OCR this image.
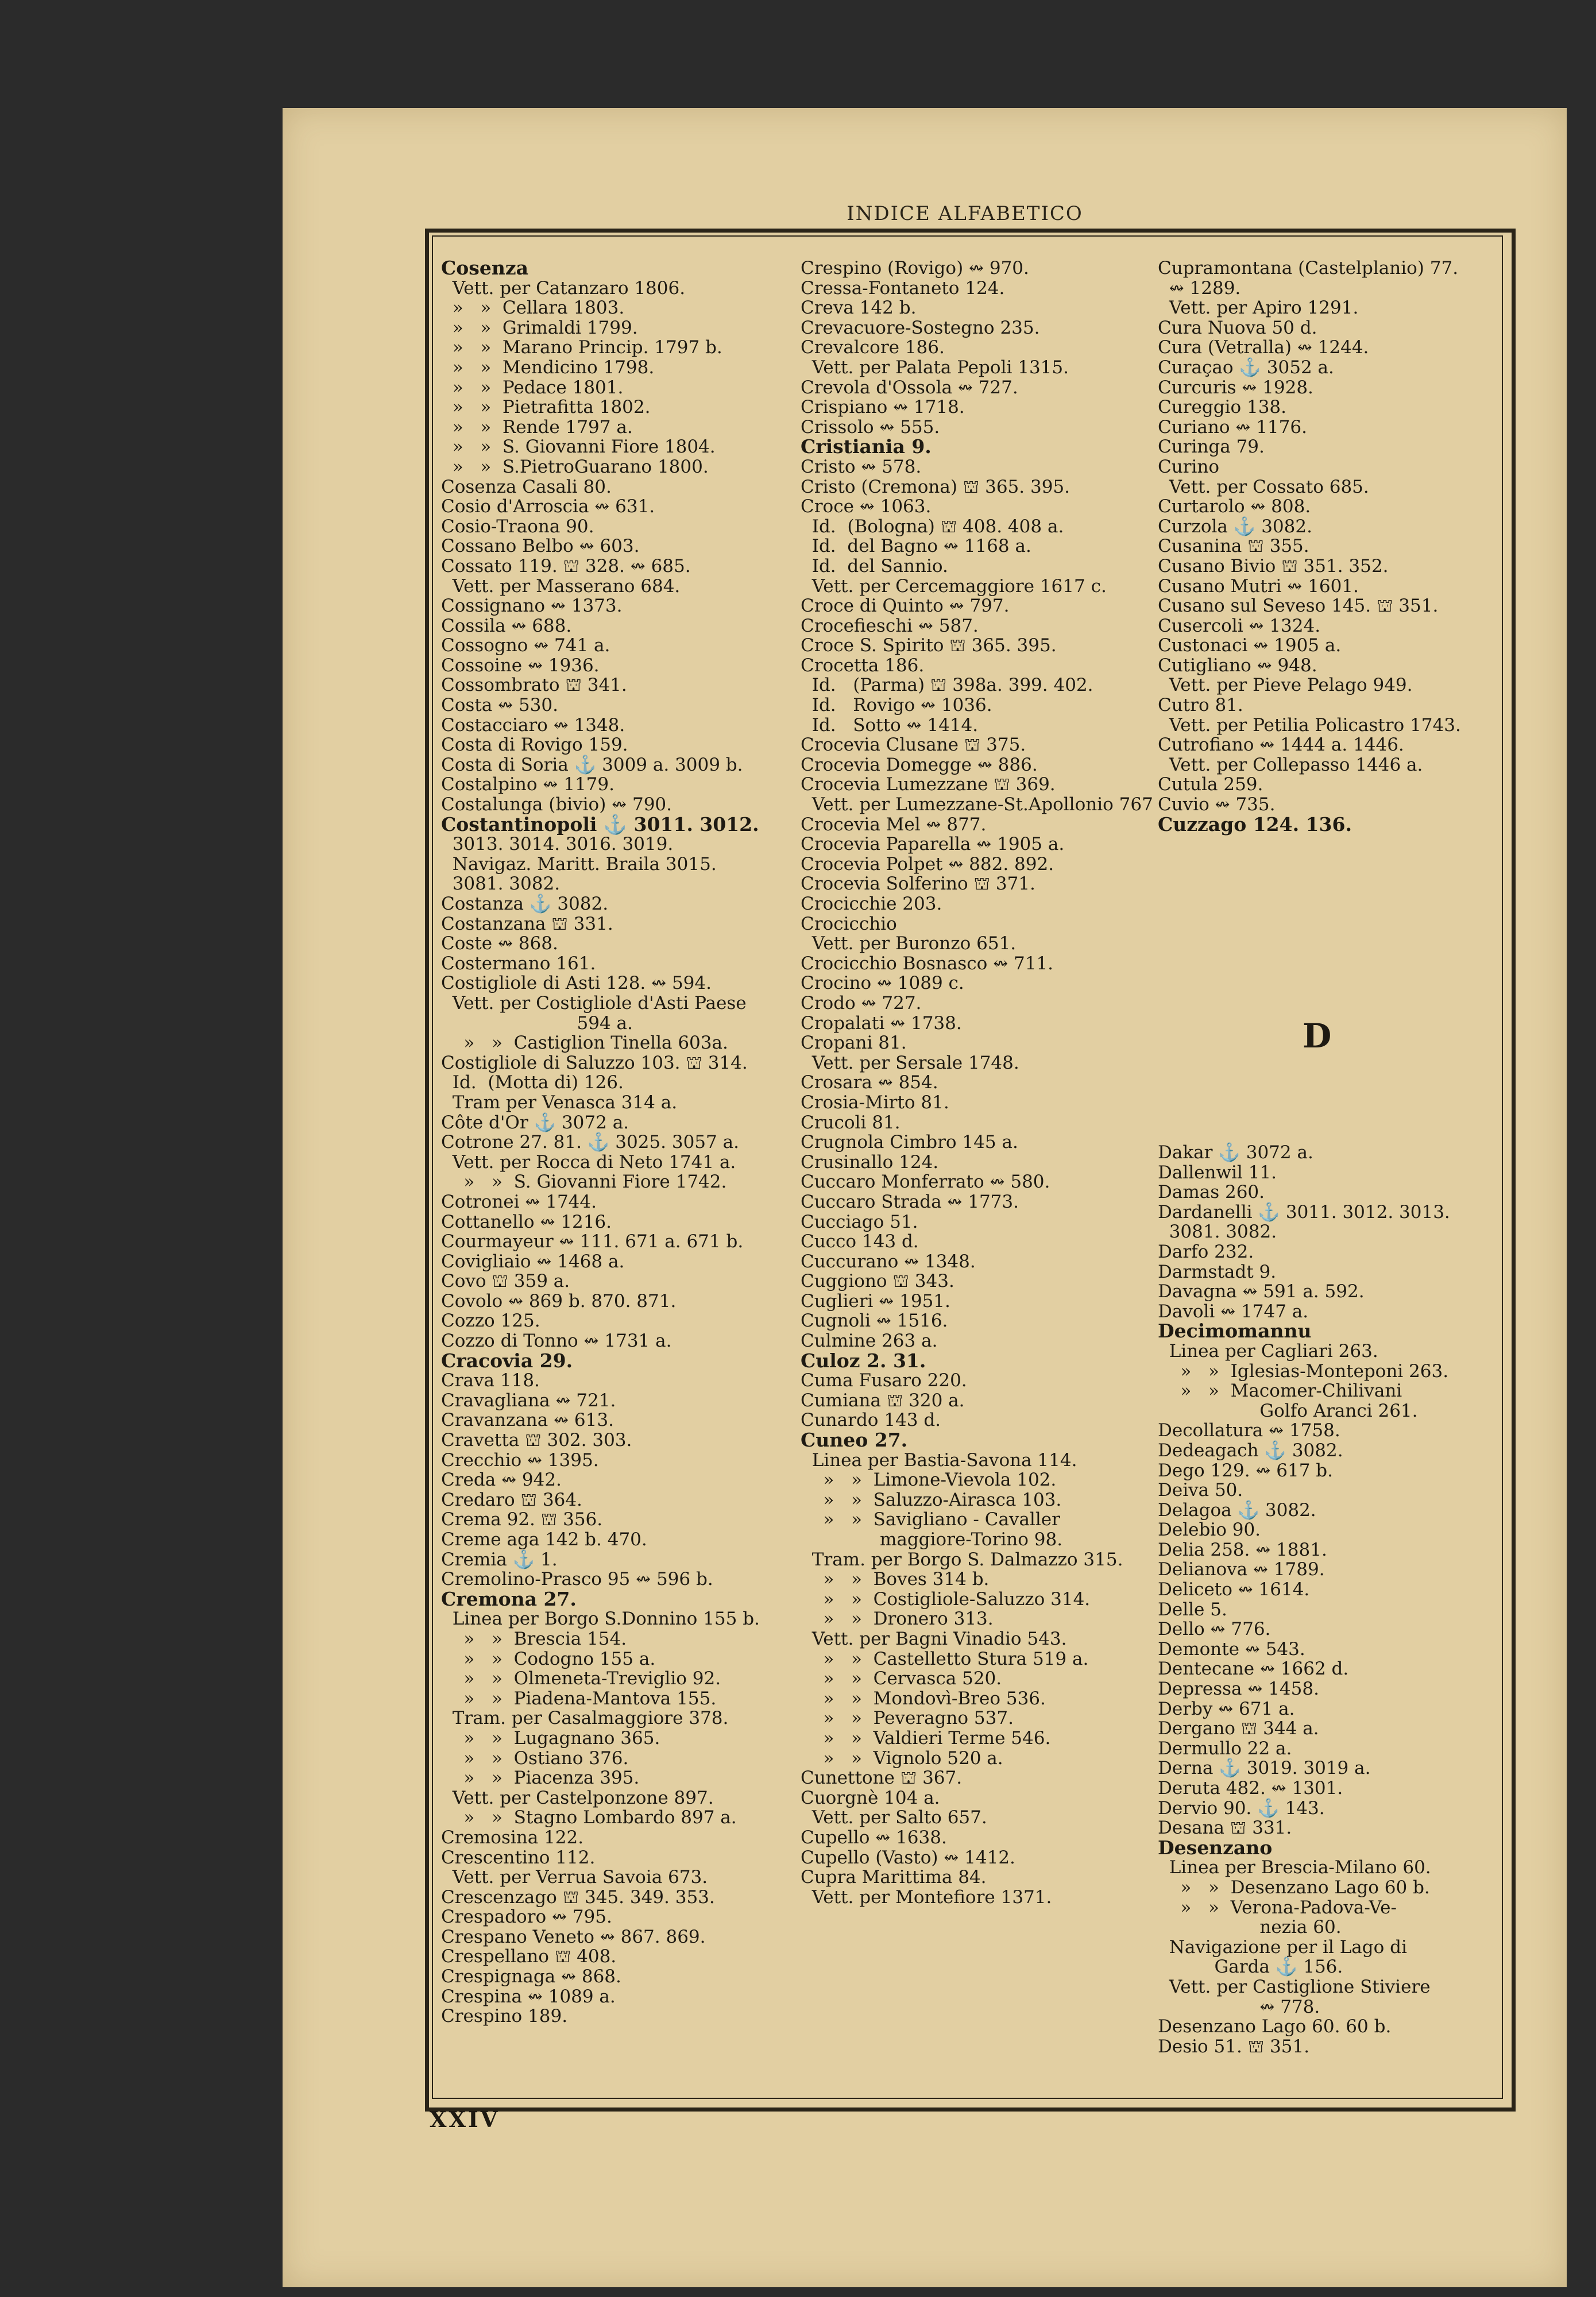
INDICE ALFABETICO
Cosenza
Vett. per Catanzaro 1806.
»   »  Cellara 1803.
»   »  Grimaldi 1799.
»   »  Marano Princip. 1797 b.
»   »  Mendicino 1798.
»   »  Pedace 1801.
»   »  Pietrafitta 1802.
»   »  Rende 1797 a.
»   »  S. Giovanni Fiore 1804.
»   »  S.PietroGuarano 1800.
Cosenza Casali 80.
Cosio d'Arroscia ↭ 631.
Cosio-Traona 90.
Cossano Belbo ↭ 603.
Cossato 119. ⛫ 328. ↭ 685.
Vett. per Masserano 684.
Cossignano ↭ 1373.
Cossila ↭ 688.
Cossogno ↭ 741 a.
Cossoine ↭ 1936.
Cossombrato ⛫ 341.
Costa ↭ 530.
Costacciaro ↭ 1348.
Costa di Rovigo 159.
Costa di Soria ⚓ 3009 a. 3009 b.
Costalpino ↭ 1179.
Costalunga (bivio) ↭ 790.
Costantinopoli ⚓ 3011. 3012.
3013. 3014. 3016. 3019.
Navigaz. Maritt. Braila 3015.
3081. 3082.
Costanza ⚓ 3082.
Costanzana ⛫ 331.
Coste ↭ 868.
Costermano 161.
Costigliole di Asti 128. ↭ 594.
Vett. per Costigliole d'Asti Paese
594 a.
»   »  Castiglion Tinella 603a.
Costigliole di Saluzzo 103. ⛫ 314.
Id.  (Motta di) 126.
Tram per Venasca 314 a.
Côte d'Or ⚓ 3072 a.
Cotrone 27. 81. ⚓ 3025. 3057 a.
Vett. per Rocca di Neto 1741 a.
»   »  S. Giovanni Fiore 1742.
Cotronei ↭ 1744.
Cottanello ↭ 1216.
Courmayeur ↭ 111. 671 a. 671 b.
Covigliaio ↭ 1468 a.
Covo ⛫ 359 a.
Covolo ↭ 869 b. 870. 871.
Cozzo 125.
Cozzo di Tonno ↭ 1731 a.
Cracovia 29.
Crava 118.
Cravagliana ↭ 721.
Cravanzana ↭ 613.
Cravetta ⛫ 302. 303.
Crecchio ↭ 1395.
Creda ↭ 942.
Credaro ⛫ 364.
Crema 92. ⛫ 356.
Creme aga 142 b. 470.
Cremia ⚓ 1.
Cremolino-Prasco 95 ↭ 596 b.
Cremona 27.
Linea per Borgo S.Donnino 155 b.
»   »  Brescia 154.
»   »  Codogno 155 a.
»   »  Olmeneta-Treviglio 92.
»   »  Piadena-Mantova 155.
Tram. per Casalmaggiore 378.
»   »  Lugagnano 365.
»   »  Ostiano 376.
»   »  Piacenza 395.
Vett. per Castelponzone 897.
»   »  Stagno Lombardo 897 a.
Cremosina 122.
Crescentino 112.
Vett. per Verrua Savoia 673.
Crescenzago ⛫ 345. 349. 353.
Crespadoro ↭ 795.
Crespano Veneto ↭ 867. 869.
Crespellano ⛫ 408.
Crespignaga ↭ 868.
Crespina ↭ 1089 a.
Crespino 189.
Crespino (Rovigo) ↭ 970.
Cressa-Fontaneto 124.
Creva 142 b.
Crevacuore-Sostegno 235.
Crevalcore 186.
Vett. per Palata Pepoli 1315.
Crevola d'Ossola ↭ 727.
Crispiano ↭ 1718.
Crissolo ↭ 555.
Cristiania 9.
Cristo ↭ 578.
Cristo (Cremona) ⛫ 365. 395.
Croce ↭ 1063.
Id.  (Bologna) ⛫ 408. 408 a.
Id.  del Bagno ↭ 1168 a.
Id.  del Sannio.
Vett. per Cercemaggiore 1617 c.
Croce di Quinto ↭ 797.
Crocefieschi ↭ 587.
Croce S. Spirito ⛫ 365. 395.
Crocetta 186.
Id.   (Parma) ⛫ 398a. 399. 402.
Id.   Rovigo ↭ 1036.
Id.   Sotto ↭ 1414.
Crocevia Clusane ⛫ 375.
Crocevia Domegge ↭ 886.
Crocevia Lumezzane ⛫ 369.
Vett. per Lumezzane-St.Apollonio 767
Crocevia Mel ↭ 877.
Crocevia Paparella ↭ 1905 a.
Crocevia Polpet ↭ 882. 892.
Crocevia Solferino ⛫ 371.
Crocicchie 203.
Crocicchio
Vett. per Buronzo 651.
Crocicchio Bosnasco ↭ 711.
Crocino ↭ 1089 c.
Crodo ↭ 727.
Cropalati ↭ 1738.
Cropani 81.
Vett. per Sersale 1748.
Crosara ↭ 854.
Crosia-Mirto 81.
Crucoli 81.
Crugnola Cimbro 145 a.
Crusinallo 124.
Cuccaro Monferrato ↭ 580.
Cuccaro Strada ↭ 1773.
Cucciago 51.
Cucco 143 d.
Cuccurano ↭ 1348.
Cuggiono ⛫ 343.
Cuglieri ↭ 1951.
Cugnoli ↭ 1516.
Culmine 263 a.
Culoz 2. 31.
Cuma Fusaro 220.
Cumiana ⛫ 320 a.
Cunardo 143 d.
Cuneo 27.
Linea per Bastia-Savona 114.
»   »  Limone-Vievola 102.
»   »  Saluzzo-Airasca 103.
»   »  Savigliano - Cavaller
maggiore-Torino 98.
Tram. per Borgo S. Dalmazzo 315.
»   »  Boves 314 b.
»   »  Costigliole-Saluzzo 314.
»   »  Dronero 313.
Vett. per Bagni Vinadio 543.
»   »  Castelletto Stura 519 a.
»   »  Cervasca 520.
»   »  Mondovì-Breo 536.
»   »  Peveragno 537.
»   »  Valdieri Terme 546.
»   »  Vignolo 520 a.
Cunettone ⛫ 367.
Cuorgnè 104 a.
Vett. per Salto 657.
Cupello ↭ 1638.
Cupello (Vasto) ↭ 1412.
Cupra Marittima 84.
Vett. per Montefiore 1371.
Cupramontana (Castelplanio) 77.
↭ 1289.
Vett. per Apiro 1291.
Cura Nuova 50 d.
Cura (Vetralla) ↭ 1244.
Curaçao ⚓ 3052 a.
Curcuris ↭ 1928.
Cureggio 138.
Curiano ↭ 1176.
Curinga 79.
Curino
Vett. per Cossato 685.
Curtarolo ↭ 808.
Curzola ⚓ 3082.
Cusanina ⛫ 355.
Cusano Bivio ⛫ 351. 352.
Cusano Mutri ↭ 1601.
Cusano sul Seveso 145. ⛫ 351.
Cusercoli ↭ 1324.
Custonaci ↭ 1905 a.
Cutigliano ↭ 948.
Vett. per Pieve Pelago 949.
Cutro 81.
Vett. per Petilia Policastro 1743.
Cutrofiano ↭ 1444 a. 1446.
Vett. per Collepasso 1446 a.
Cutula 259.
Cuvio ↭ 735.
Cuzzago 124. 136.
Dakar ⚓ 3072 a.
Dallenwil 11.
Damas 260.
Dardanelli ⚓ 3011. 3012. 3013.
3081. 3082.
Darfo 232.
Darmstadt 9.
Davagna ↭ 591 a. 592.
Davoli ↭ 1747 a.
Decimomannu
Linea per Cagliari 263.
»   »  Iglesias-Monteponi 263.
»   »  Macomer-Chilivani
Golfo Aranci 261.
Decollatura ↭ 1758.
Dedeagach ⚓ 3082.
Dego 129. ↭ 617 b.
Deiva 50.
Delagoa ⚓ 3082.
Delebio 90.
Delia 258. ↭ 1881.
Delianova ↭ 1789.
Deliceto ↭ 1614.
Delle 5.
Dello ↭ 776.
Demonte ↭ 543.
Dentecane ↭ 1662 d.
Depressa ↭ 1458.
Derby ↭ 671 a.
Dergano ⛫ 344 a.
Dermullo 22 a.
Derna ⚓ 3019. 3019 a.
Deruta 482. ↭ 1301.
Dervio 90. ⚓ 143.
Desana ⛫ 331.
Desenzano
Linea per Brescia-Milano 60.
»   »  Desenzano Lago 60 b.
»   »  Verona-Padova-Ve-
nezia 60.
Navigazione per il Lago di
Garda ⚓ 156.
Vett. per Castiglione Stiviere
↭ 778.
Desenzano Lago 60. 60 b.
Desio 51. ⛫ 351.
D
XXIV
